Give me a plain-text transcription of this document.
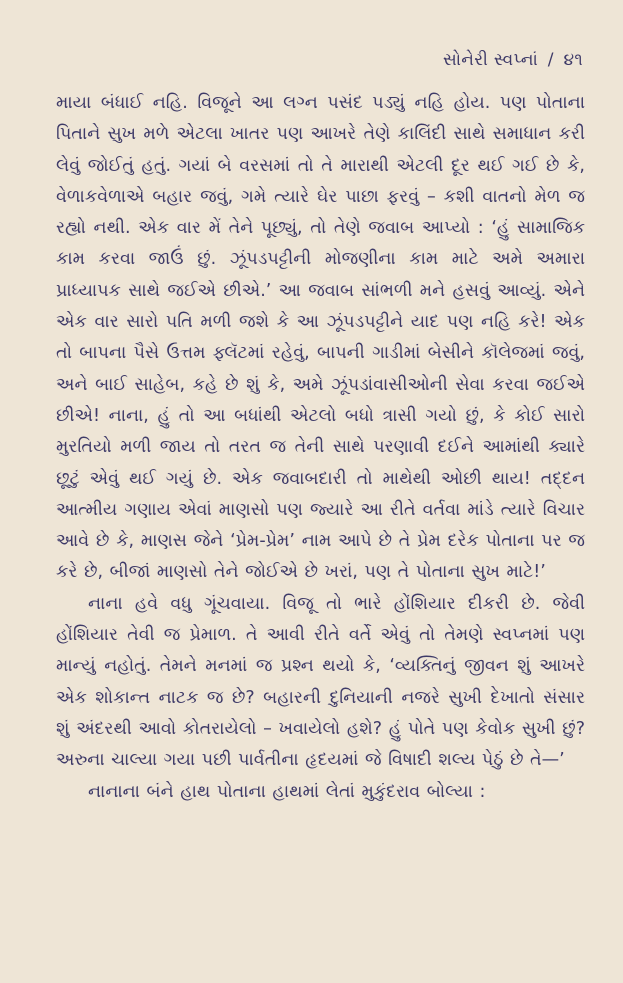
સોનેરી સ્વપ્નાં / ૪૧

માયા બંધાઈ નહિ. વિજૂને આ લગ્ન પસંદ પડ્યું નહિ હોય. પણ પોતાના પિતાને સુખ મળે એટલા ખાતર પણ આખરે તેણે કાલિંદી સાથે સમાધાન કરી લેવું જોઈતું હતું. ગયાં બે વરસમાં તો તે મારાથી એટલી દૂર થઈ ગઈ છે કે, વેળાકવેળાએ બહાર જવું, ગમે ત્યારે ઘેર પાછા ફરવું – કશી વાતનો મેળ જ રહ્યો નથી. એક વાર મેં તેને પૂછ્યું, તો તેણે જવાબ આપ્યો : ‘હું સામાજિક કામ કરવા જાઉં છું. ઝૂંપડપટ્ટીની મોજણીના કામ માટે અમે અમારા પ્રાધ્યાપક સાથે જઈએ છીએ.’ આ જવાબ સાંભળી મને હસવું આવ્યું. એને એક વાર સારો પતિ મળી જશે કે આ ઝૂંપડપટ્ટીને યાદ પણ નહિ કરે! એક તો બાપના પૈસે ઉત્તમ ફ્લૅટમાં રહેવું, બાપની ગાડીમાં બેસીને કૉલેજમાં જવું, અને બાઈ સાહેબ, કહે છે શું કે, અમે ઝૂંપડાંવાસીઓની સેવા કરવા જઈએ છીએ! નાના, હું તો આ બધાંથી એટલો બધો ત્રાસી ગયો છું, કે કોઈ સારો મુરતિયો મળી જાય તો તરત જ તેની સાથે પરણાવી દઈને આમાંથી ક્યારે છૂટું એવું થઈ ગયું છે. એક જવાબદારી તો માથેથી ઓછી થાય! તદ્દન આત્મીય ગણાય એવાં માણસો પણ જ્યારે આ રીતે વર્તવા માંડે ત્યારે વિચાર આવે છે કે, માણસ જેને ‘પ્રેમ-પ્રેમ’ નામ આપે છે તે પ્રેમ દરેક પોતાના પર જ કરે છે, બીજાં માણસો તેને જોઈએ છે ખરાં, પણ તે પોતાના સુખ માટે!’

નાના હવે વધુ ગૂંચવાયા. વિજૂ તો ભારે હોંશિયાર દીકરી છે. જેવી હોંશિયાર તેવી જ પ્રેમાળ. તે આવી રીતે વર્તે એવું તો તેમણે સ્વપ્નમાં પણ માન્યું નહોતું. તેમને મનમાં જ પ્રશ્ન થયો કે, ‘વ્યક્તિનું જીવન શું આખરે એક શોકાન્ત નાટક જ છે? બહારની દુનિયાની નજરે સુખી દેખાતો સંસાર શું અંદરથી આવો કોતરાયેલો – ખવાયેલો હશે? હું પોતે પણ કેવોક સુખી છું? અરુના ચાલ્યા ગયા પછી પાર્વતીના હૃદયમાં જે વિષાદી શલ્ય પેઠું છે તે—’

નાનાના બંને હાથ પોતાના હાથમાં લેતાં મુકુંદરાવ બોલ્યા :
